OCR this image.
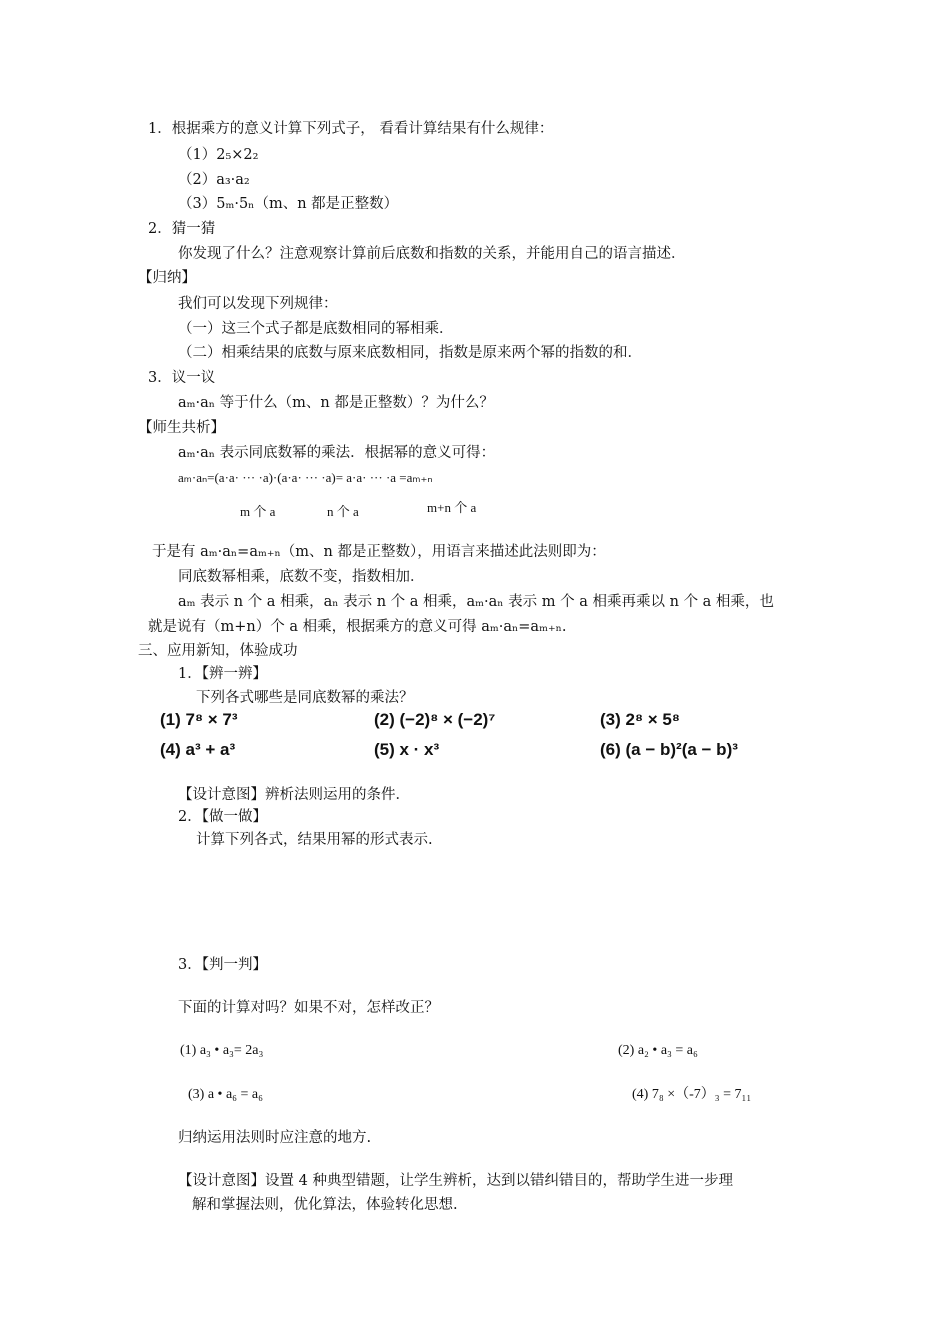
1．根据乘方的意义计算下列式子， 看看计算结果有什么规律：
（1）2₅×2₂
（2）a₃·a₂
（3）5ₘ·5ₙ（m、n 都是正整数）
2．猜一猜
你发现了什么？注意观察计算前后底数和指数的关系，并能用自己的语言描述．
【归纳】
我们可以发现下列规律：
（一）这三个式子都是底数相同的幂相乘．
（二）相乘结果的底数与原来底数相同，指数是原来两个幂的指数的和．
3．议一议
aₘ·aₙ 等于什么（m、n 都是正整数）？为什么？
【师生共析】
aₘ·aₙ 表示同底数幂的乘法．根据幂的意义可得：
aₘ·aₙ=(a·a· ··· ·a)·(a·a· ··· ·a)= a·a· ··· ·a =aₘ₊ₙ
m 个 a	n 个 a	m+n 个 a
于是有 aₘ·aₙ=aₘ₊ₙ（m、n 都是正整数），用语言来描述此法则即为：
同底数幂相乘，底数不变，指数相加．
aₘ 表示 n 个 a 相乘，aₙ 表示 n 个 a 相乘，aₘ·aₙ 表示 m 个 a 相乘再乘以 n 个 a 相乘，也
就是说有（m+n）个 a 相乘，根据乘方的意义可得 aₘ·aₙ=aₘ₊ₙ.
三、应用新知，体验成功
1．【辨一辨】
下列各式哪些是同底数幂的乘法？
(1) 7⁸ × 7³	(2) (−2)⁸ × (−2)⁷	(3) 2⁸ × 5⁸
(4) a³ + a³	(5) x · x³	(6) (a − b)²(a − b)³
【设计意图】辨析法则运用的条件．
2．【做一做】
计算下列各式，结果用幂的形式表示.
3．【判一判】
下面的计算对吗？如果不对，怎样改正？
(1) a₃ • a₃= 2a₃	(2) a₂ • a₃ = a₆
(3) a • a₆ = a₆	(4) 7₈ ×（-7）₃ = 7₁₁
归纳运用法则时应注意的地方.
【设计意图】设置 4 种典型错题，让学生辨析，达到以错纠错目的，帮助学生进一步理
解和掌握法则，优化算法，体验转化思想.
